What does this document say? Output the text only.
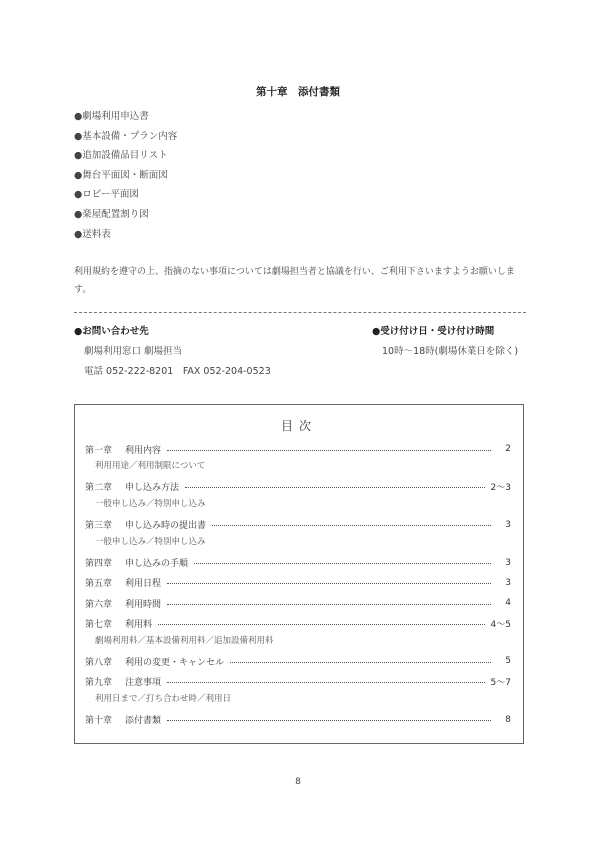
第十章　添付書類
●劇場利用申込書
●基本設備・プラン内容
●追加設備品目リスト
●舞台平面図・断面図
●ロビー平面図
●楽屋配置割り図
●送料表
利用規約を遵守の上、指摘のない事項については劇場担当者と協議を行い、ご利用下さいますようお願いします。
●お問い合わせ先
劇場利用窓口 劇場担当
電話 052-222-8201　FAX 052-204-0523
●受け付け日・受け付け時間
10時～18時(劇場休業日を除く)
目次
第一章	利用内容	2
利用用途／利用制限について
第二章	申し込み方法	2～3
一般申し込み／特別申し込み
第三章	申し込み時の提出書	3
一般申し込み／特別申し込み
第四章	申し込みの手順	3
第五章	利用日程	3
第六章	利用時間	4
第七章	利用料	4～5
劇場利用料／基本設備利用料／追加設備利用料
第八章	利用の変更・キャンセル	5
第九章	注意事項	5～7
利用日まで／打ち合わせ時／利用日
第十章	添付書類	8
8
